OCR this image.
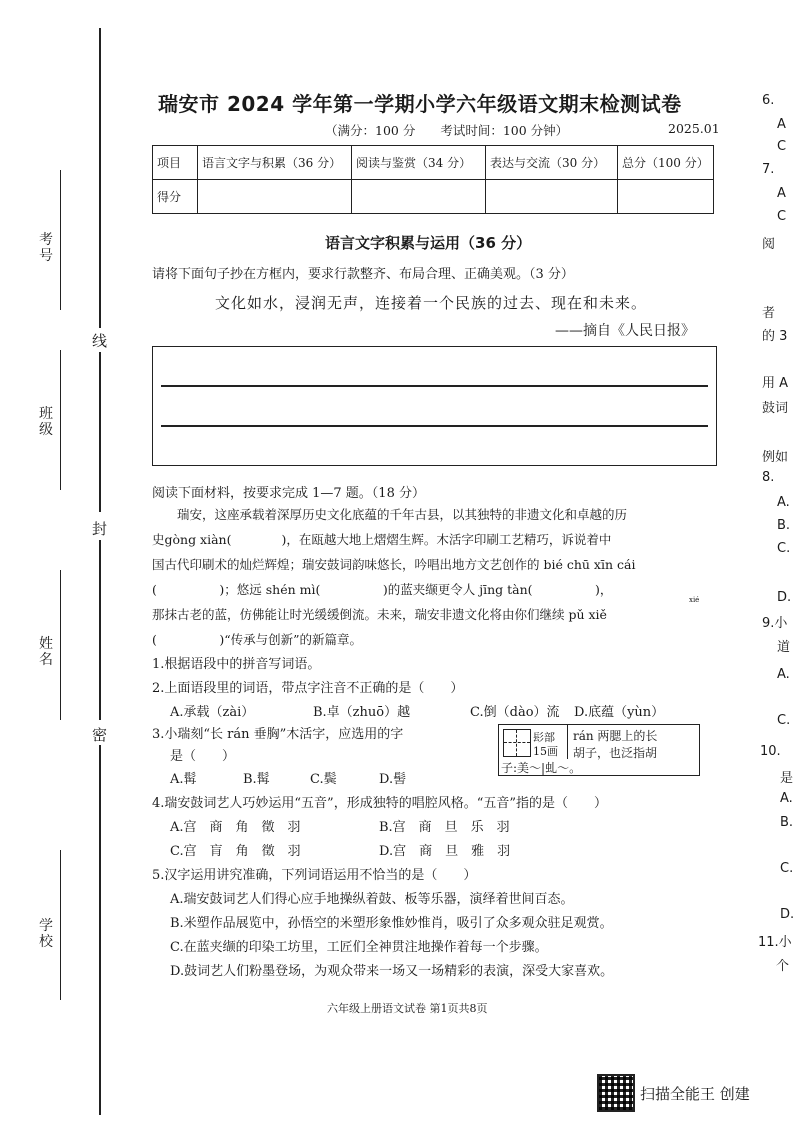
线
封
密
考号
班级
姓名
学校
瑞安市 2024 学年第一学期小学六年级语文期末检测试卷
（满分：100 分　　考试时间：100 分钟）	2025.01
项目	语言文字与积累（36 分）	阅读与鉴赏（34 分）	表达与交流（30 分）	总分（100 分）
得分				
语言文字积累与运用（36 分）
请将下面句子抄在方框内，要求行款整齐、布局合理、正确美观。（3 分）
文化如水，浸润无声，连接着一个民族的过去、现在和未来。
——摘自《人民日报》
阅读下面材料，按要求完成 1—7 题。（18 分）
　　瑞安，这座承载着深厚历史文化底蕴的千年古县，以其独特的非遗文化和卓越的历
史gòng xiàn(　　　　)，在瓯越大地上熠熠生辉。木活字印刷工艺精巧，诉说着中
国古代印刷术的灿烂辉煌；瑞安鼓词韵味悠长，吟唱出地方文艺创作的 bié chū xīn cái
(　　　　　)；悠远 shén mì(　　　　　)的蓝夹缬更令人 jīng tàn(　　　　　)，
xié
那抹古老的蓝，仿佛能让时光缓缓倒流。未来，瑞安非遗文化将由你们继续 pǔ xiě
(　　　　　)“传承与创新”的新篇章。
1.根据语段中的拼音写词语。
2.上面语段里的词语，带点字注音不正确的是（　　）
A.承载（zài）	B.卓（zhuō）越	C.倒（dào）流 D.底蕴（yùn）
3.小瑞刻“长 rán 垂胸”木活字，应选用的字
是（　　）
A.髯	B.髯	C.鬓	D.髻
髟部
15画
rán 两腮上的长
胡子，也泛指胡
子:美～|虬～。
4.瑞安鼓词艺人巧妙运用“五音”，形成独特的唱腔风格。“五音”指的是（　　）
A.宫　商　角　徵　羽	B.宫　商　旦　乐　羽
C.宫　肓　角　徵　羽	D.宫　商　旦　雅　羽
5.汉字运用讲究准确，下列词语运用不恰当的是（　　）
A.瑞安鼓词艺人们得心应手地操纵着鼓、板等乐器，演绎着世间百态。
B.米塑作品展览中，孙悟空的米塑形象惟妙惟肖，吸引了众多观众驻足观赏。
C.在蓝夹缬的印染工坊里，工匠们全神贯注地操作着每一个步骤。
D.鼓词艺人们粉墨登场，为观众带来一场又一场精彩的表演，深受大家喜欢。
六年级上册语文试卷 第1页共8页
扫描全能王 创建
6.
A
C
7.
A
C
阅
者
的 3
用 A
鼓词
例如
8.
A.
B.
C.
D.
9.小
道
A.
C.
10.
是
A.
B.
C.
D.
11.小
个
